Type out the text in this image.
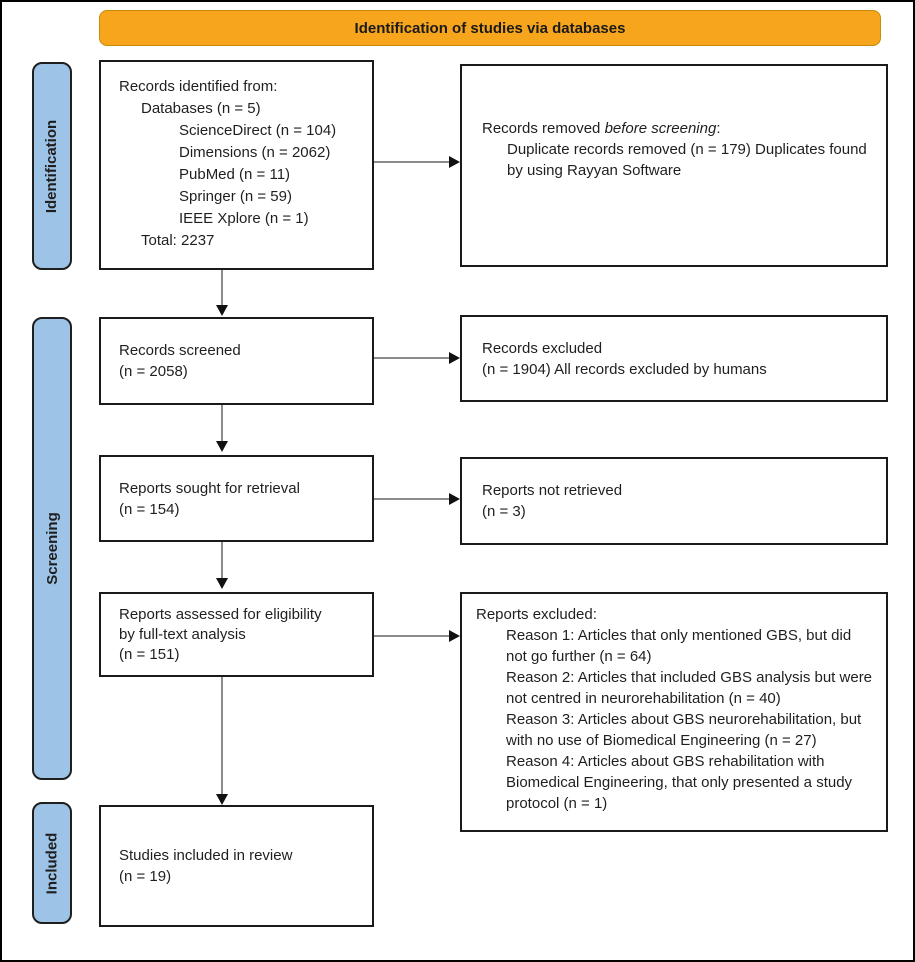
Identification of studies via databases
Identification
Screening
Included
Records identified from:
Databases (n = 5)
ScienceDirect (n = 104)
Dimensions (n = 2062)
PubMed (n = 11)
Springer (n = 59)
IEEE Xplore (n = 1)
Total: 2237
Records removed before screening:
Duplicate records removed (n = 179) Duplicates found by using Rayyan Software
Records screened
(n = 2058)
Records excluded
(n = 1904) All records excluded by humans
Reports sought for retrieval
(n = 154)
Reports not retrieved
(n = 3)
Reports assessed for eligibility
by full-text analysis
(n = 151)
Reports excluded:
Reason 1: Articles that only mentioned GBS, but did not go further (n = 64)
Reason 2: Articles that included GBS analysis but were not centred in neurorehabilitation (n = 40)
Reason 3: Articles about GBS neurorehabilitation, but with no use of Biomedical Engineering (n = 27)
Reason 4: Articles about GBS rehabilitation with Biomedical Engineering, that only presented a study protocol (n = 1)
Studies included in review
(n = 19)
